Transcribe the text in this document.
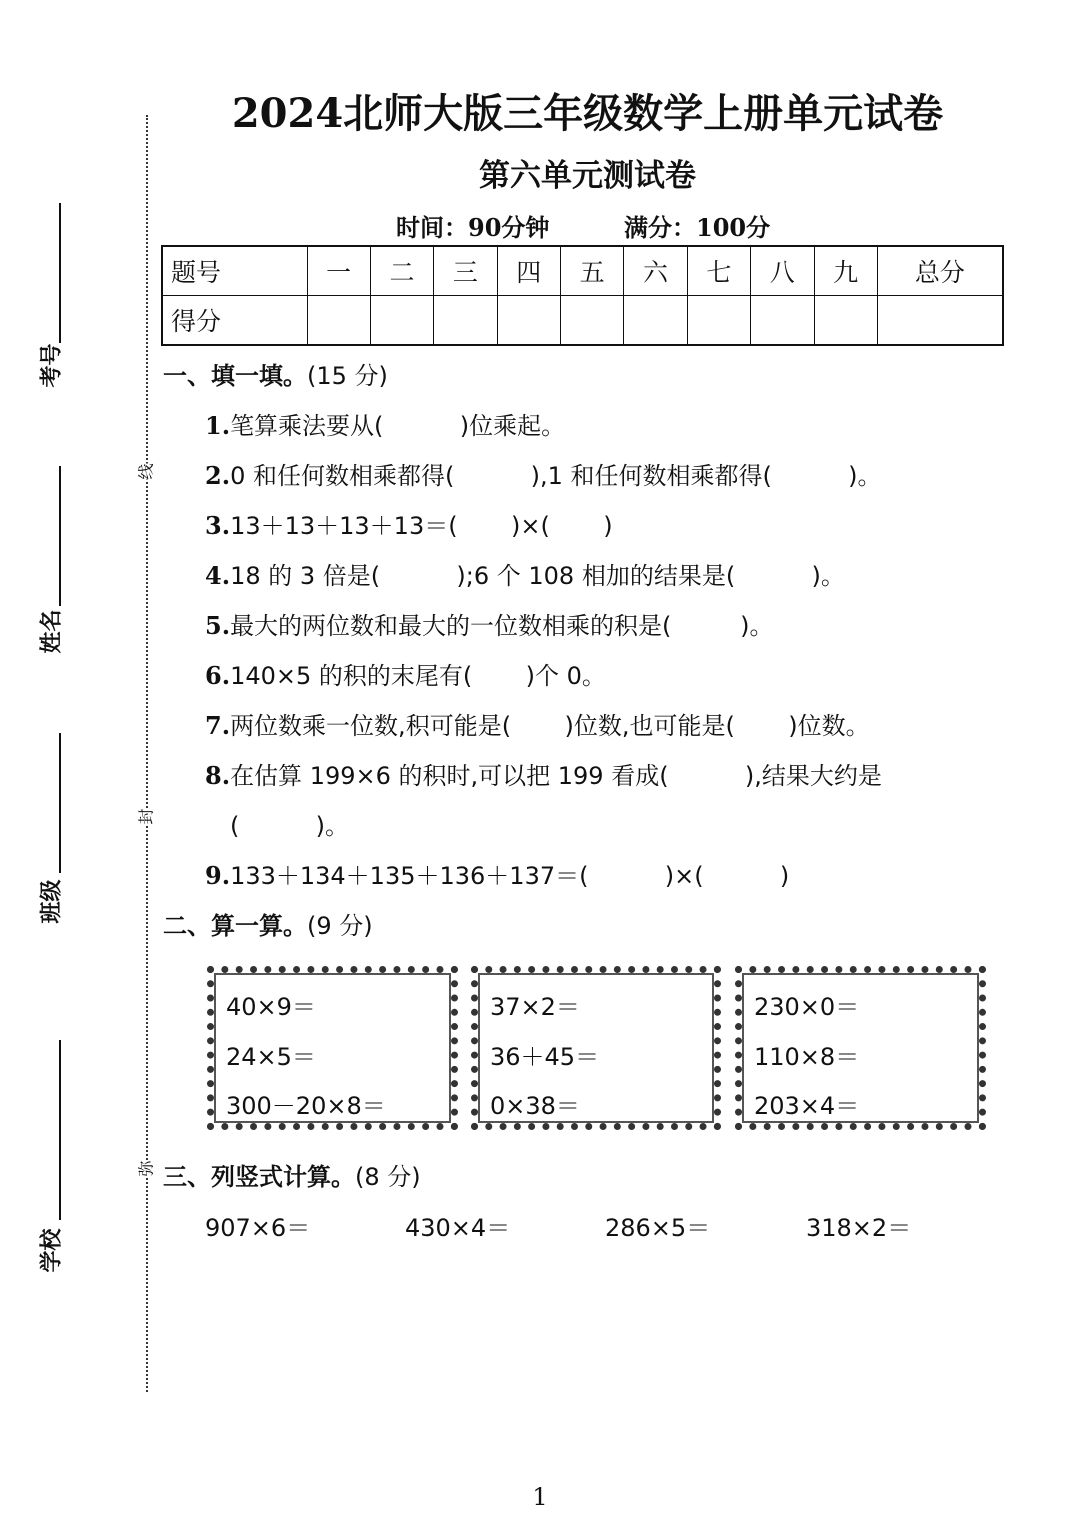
考号
姓名
班级
学校
线
封
弥
2024北师大版三年级数学上册单元试卷
第六单元测试卷
时间：90分钟	满分：100分
题号	一	二	三	四	五	六	七	八	九	总分
得分										
一、填一填。(15 分)
1.笔算乘法要从(          )位乘起。
2.0 和任何数相乘都得(          ),1 和任何数相乘都得(          )。
3.13＋13＋13＋13＝(       )×(       )
4.18 的 3 倍是(          );6 个 108 相加的结果是(          )。
5.最大的两位数和最大的一位数相乘的积是(         )。
6.140×5 的积的末尾有(       )个 0。
7.两位数乘一位数,积可能是(       )位数,也可能是(       )位数。
8.在估算 199×6 的积时,可以把 199 看成(          ),结果大约是
(          )。
9.133＋134＋135＋136＋137＝(          )×(          )
二、算一算。(9 分)
40×9＝
24×5＝
300－20×8＝
37×2＝
36＋45＝
0×38＝
230×0＝
110×8＝
203×4＝
三、列竖式计算。(8 分)
907×6＝	430×4＝	286×5＝	318×2＝
1
